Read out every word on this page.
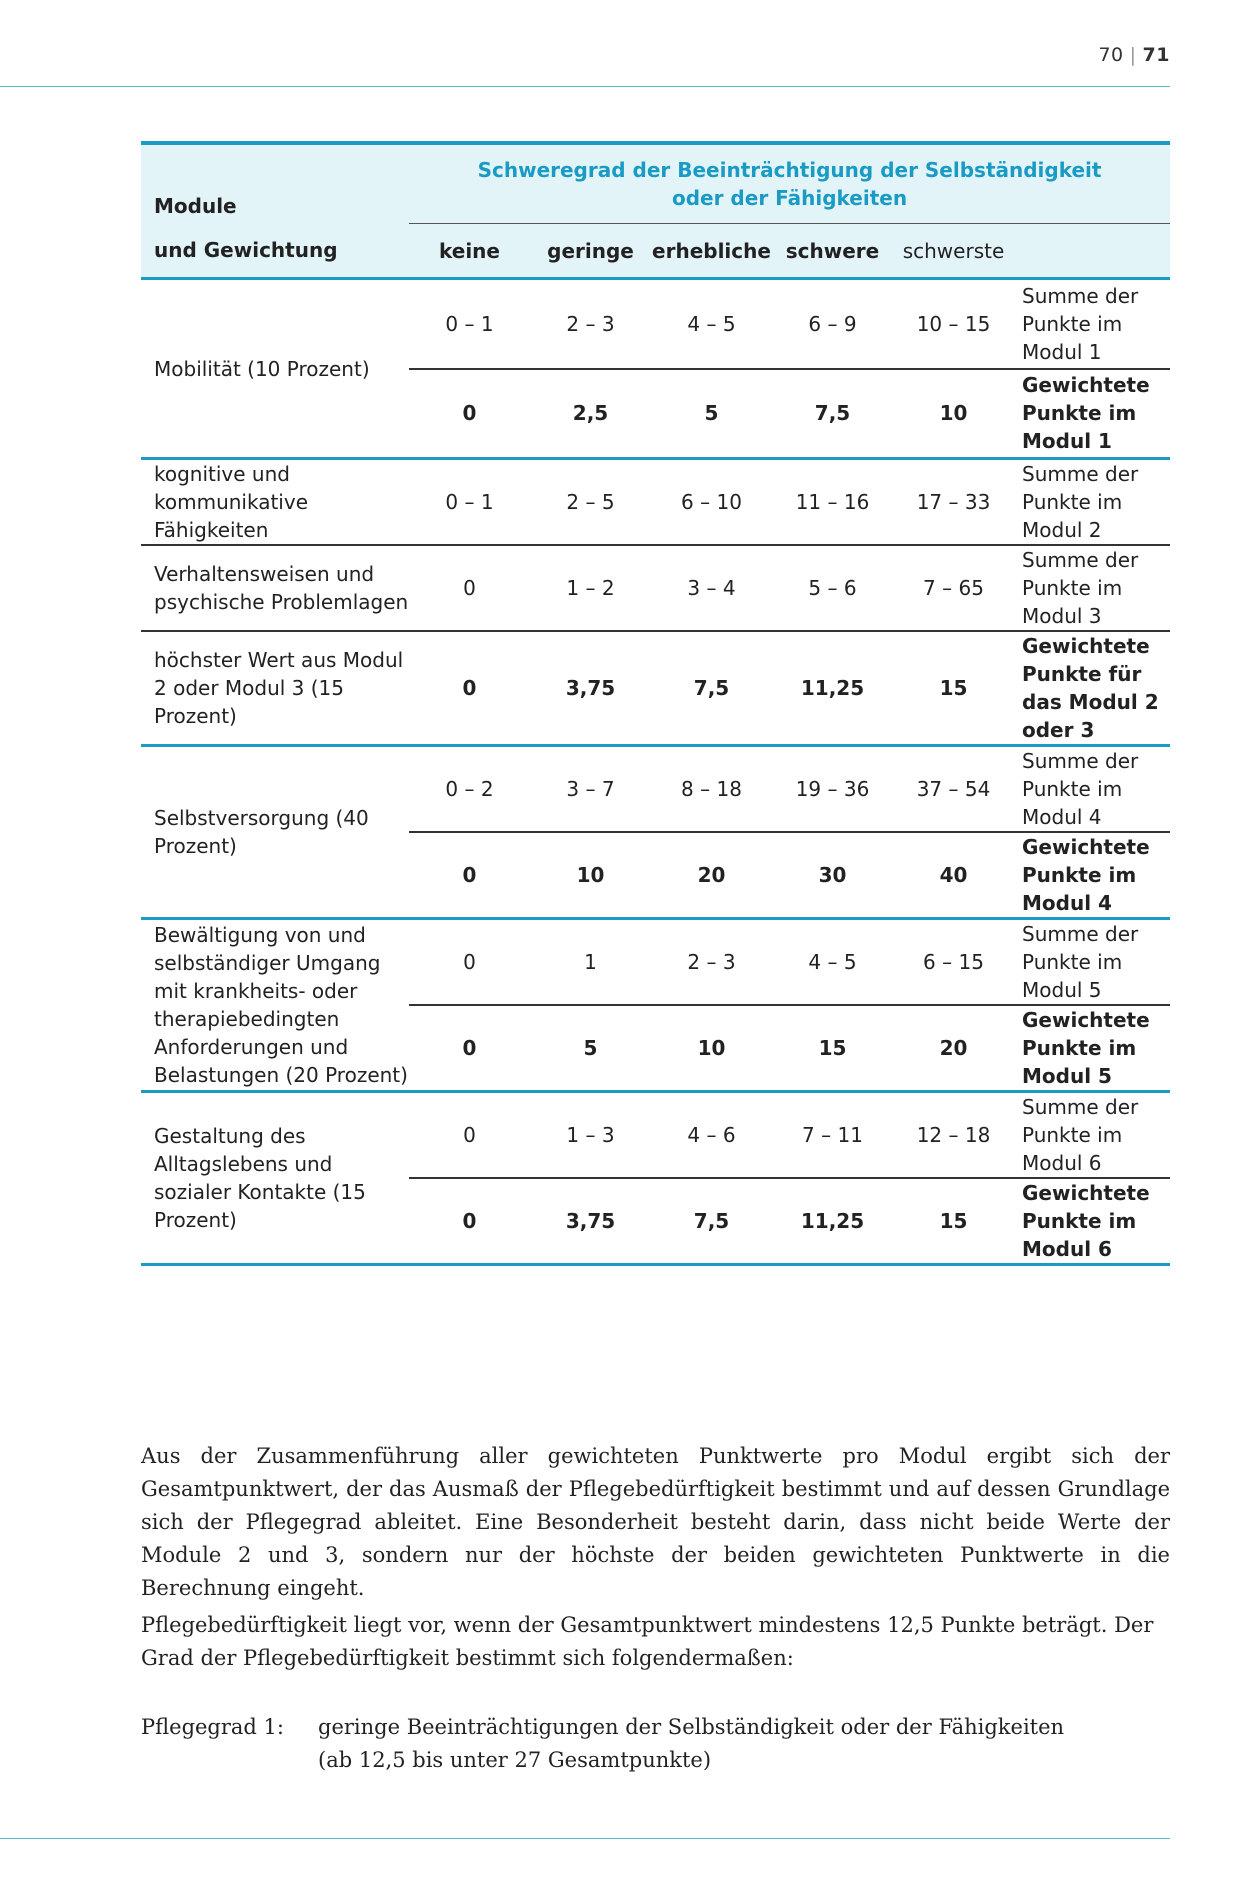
70 | 71
Module	Schweregrad der Beeinträchtigung der Selbständigkeit
oder der Fähigkeiten					

und Gewichtung	keine	geringe	erhebliche	schwere	schwerste	
Mobilität (10 Prozent)	0 – 1	2 – 3	4 – 5	6 – 9	10 – 15	Summe der Punkte im Modul 1
	0	2,5	5	7,5	10	Gewichtete Punkte im Modul 1
kognitive und kommunikative Fähigkeiten	0 – 1	2 – 5	6 – 10	11 – 16	17 – 33	Summe der Punkte im Modul 2
Verhaltensweisen und psychische Problemlagen	0	1 – 2	3 – 4	5 – 6	7 – 65	Summe der Punkte im Modul 3
höchster Wert aus Modul 2 oder Modul 3 (15 Prozent)	0	3,75	7,5	11,25	15	Gewichtete Punkte für das Modul 2 oder 3
Selbstversorgung (40 Prozent)	0 – 2	3 – 7	8 – 18	19 – 36	37 – 54	Summe der Punkte im Modul 4
	0	10	20	30	40	Gewichtete Punkte im Modul 4
Bewältigung von und selbständiger Umgang mit krankheits- oder therapiebedingten Anforderungen und Belastungen (20 Prozent)	0	1	2 – 3	4 – 5	6 – 15	Summe der Punkte im Modul 5
	0	5	10	15	20	Gewichtete Punkte im Modul 5
Gestaltung des Alltagslebens und sozialer Kontakte (15 Prozent)	0	1 – 3	4 – 6	7 – 11	12 – 18	Summe der Punkte im Modul 6
	0	3,75	7,5	11,25	15	Gewichtete Punkte im Modul 6

Aus der Zusammenführung aller gewichteten Punktwerte pro Modul ergibt sich der Gesamtpunktwert, der das Ausmaß der Pflegebedürftigkeit bestimmt und auf dessen Grundlage sich der Pflegegrad ableitet. Eine Besonderheit besteht darin, dass nicht beide Werte der Module 2 und 3, sondern nur der höchste der beiden gewichteten Punktwerte in die Berechnung eingeht.

Pflegebedürftigkeit liegt vor, wenn der Gesamtpunktwert mindestens 12,5 Punkte beträgt. Der Grad der Pflegebedürftigkeit bestimmt sich folgendermaßen:

Pflegegrad 1: geringe Beeinträchtigungen der Selbständigkeit oder der Fähigkeiten
(ab 12,5 bis unter 27 Gesamtpunkte)
